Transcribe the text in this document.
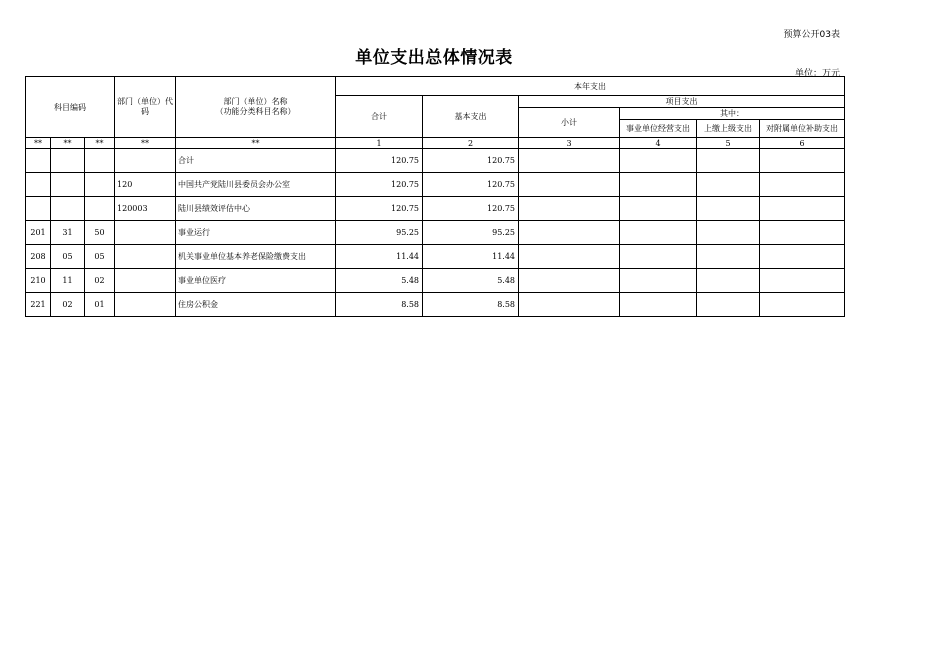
预算公开03表
单位支出总体情况表
单位：万元
科目编码			部门（单位）代码	部门（单位）名称
（功能分类科目名称）	本年支出					
					合计	基本支出	项目支出			
							小计	其中：		
								事业单位经营支出	上缴上级支出	对附属单位补助支出
**	**	**	**	**	1	2	3	4	5	6
				合计	120.75	120.75				
			120	中国共产党陆川县委员会办公室	120.75	120.75				
			120003	陆川县绩效评估中心	120.75	120.75				
201	31	50		事业运行	95.25	95.25				
208	05	05		机关事业单位基本养老保险缴费支出	11.44	11.44				
210	11	02		事业单位医疗	5.48	5.48				
221	02	01		住房公积金	8.58	8.58				
